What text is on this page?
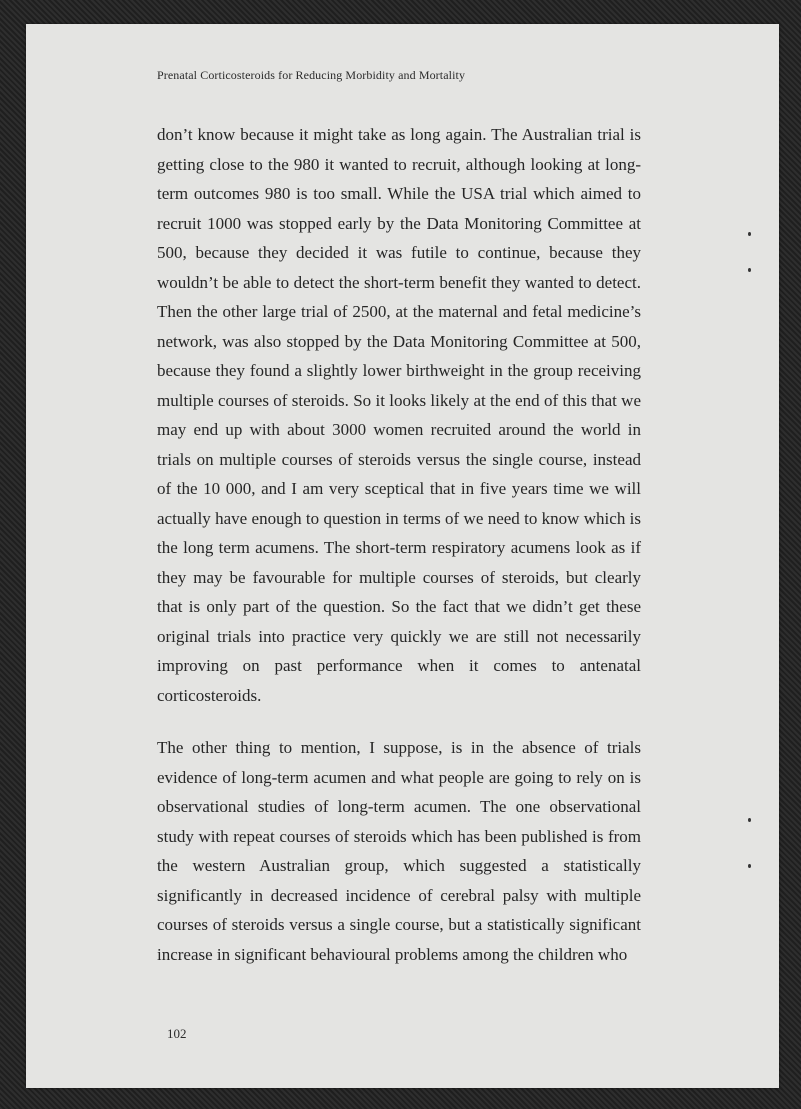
Prenatal Corticosteroids for Reducing Morbidity and Mortality

don’t know because it might take as long again. The Australian trial is getting close to the 980 it wanted to recruit, although looking at long-term outcomes 980 is too small. While the USA trial which aimed to recruit 1000 was stopped early by the Data Monitoring Committee at 500, because they decided it was futile to continue, because they wouldn’t be able to detect the short-term benefit they wanted to detect. Then the other large trial of 2500, at the maternal and fetal medicine’s network, was also stopped by the Data Monitoring Committee at 500, because they found a slightly lower birthweight in the group receiving multiple courses of steroids. So it looks likely at the end of this that we may end up with about 3000 women recruited around the world in trials on multiple courses of steroids versus the single course, instead of the 10 000, and I am very sceptical that in five years time we will actually have enough to question in terms of we need to know which is the long term acumens. The short-term respiratory acumens look as if they may be favourable for multiple courses of steroids, but clearly that is only part of the question. So the fact that we didn’t get these original trials into practice very quickly we are still not necessarily improving on past performance when it comes to antenatal corticosteroids.

The other thing to mention, I suppose, is in the absence of trials evidence of long-term acumen and what people are going to rely on is observational studies of long-term acumen. The one observational study with repeat courses of steroids which has been published is from the western Australian group, which suggested a statistically significantly in decreased incidence of cerebral palsy with multiple courses of steroids versus a single course, but a statistically significant increase in significant behavioural problems among the children who

102
